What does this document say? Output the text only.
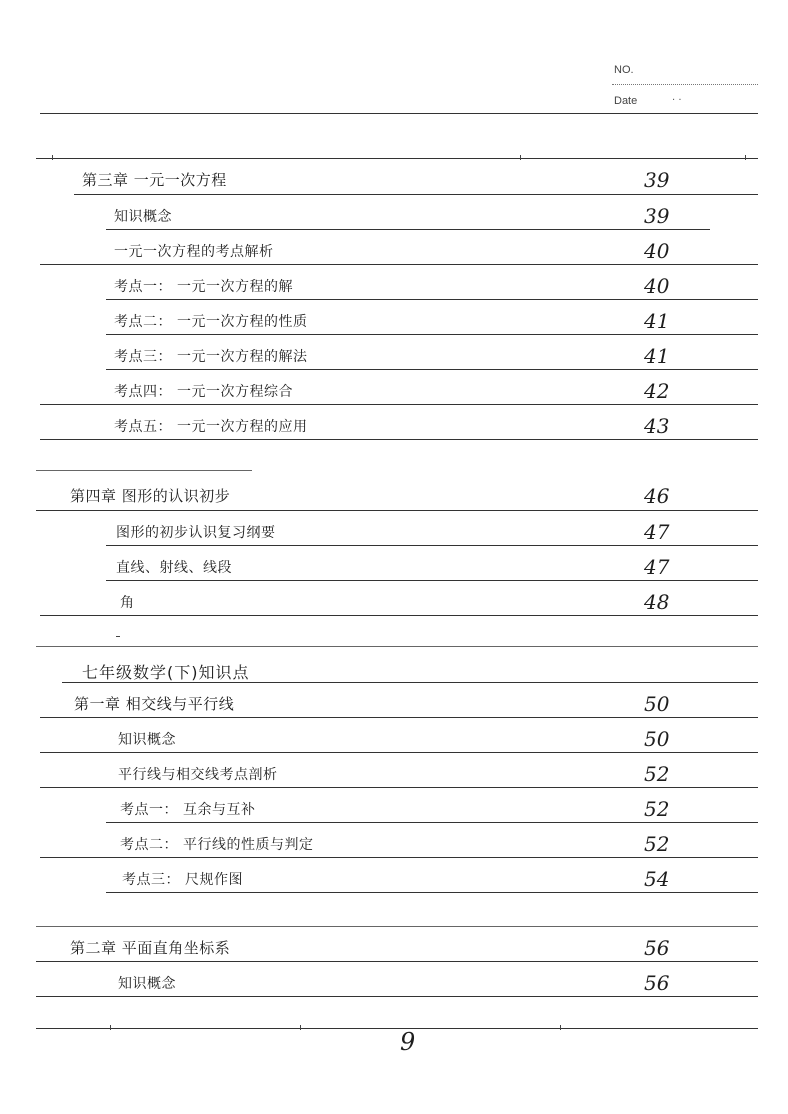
NO.
Date	· ·
第三章 一元一次方程	39
知识概念	39
一元一次方程的考点解析	40
考点一： 一元一次方程的解	40
考点二： 一元一次方程的性质	41
考点三： 一元一次方程的解法	41
考点四： 一元一次方程综合	42
考点五： 一元一次方程的应用	43
第四章 图形的认识初步	46
图形的初步认识复习纲要	47
直线、射线、线段	47
角	48
七年级数学(下)知识点
第一章 相交线与平行线	50
知识概念	50
平行线与相交线考点剖析	52
考点一： 互余与互补	52
考点二： 平行线的性质与判定	52
考点三： 尺规作图	54
第二章 平面直角坐标系	56
知识概念	56
9
